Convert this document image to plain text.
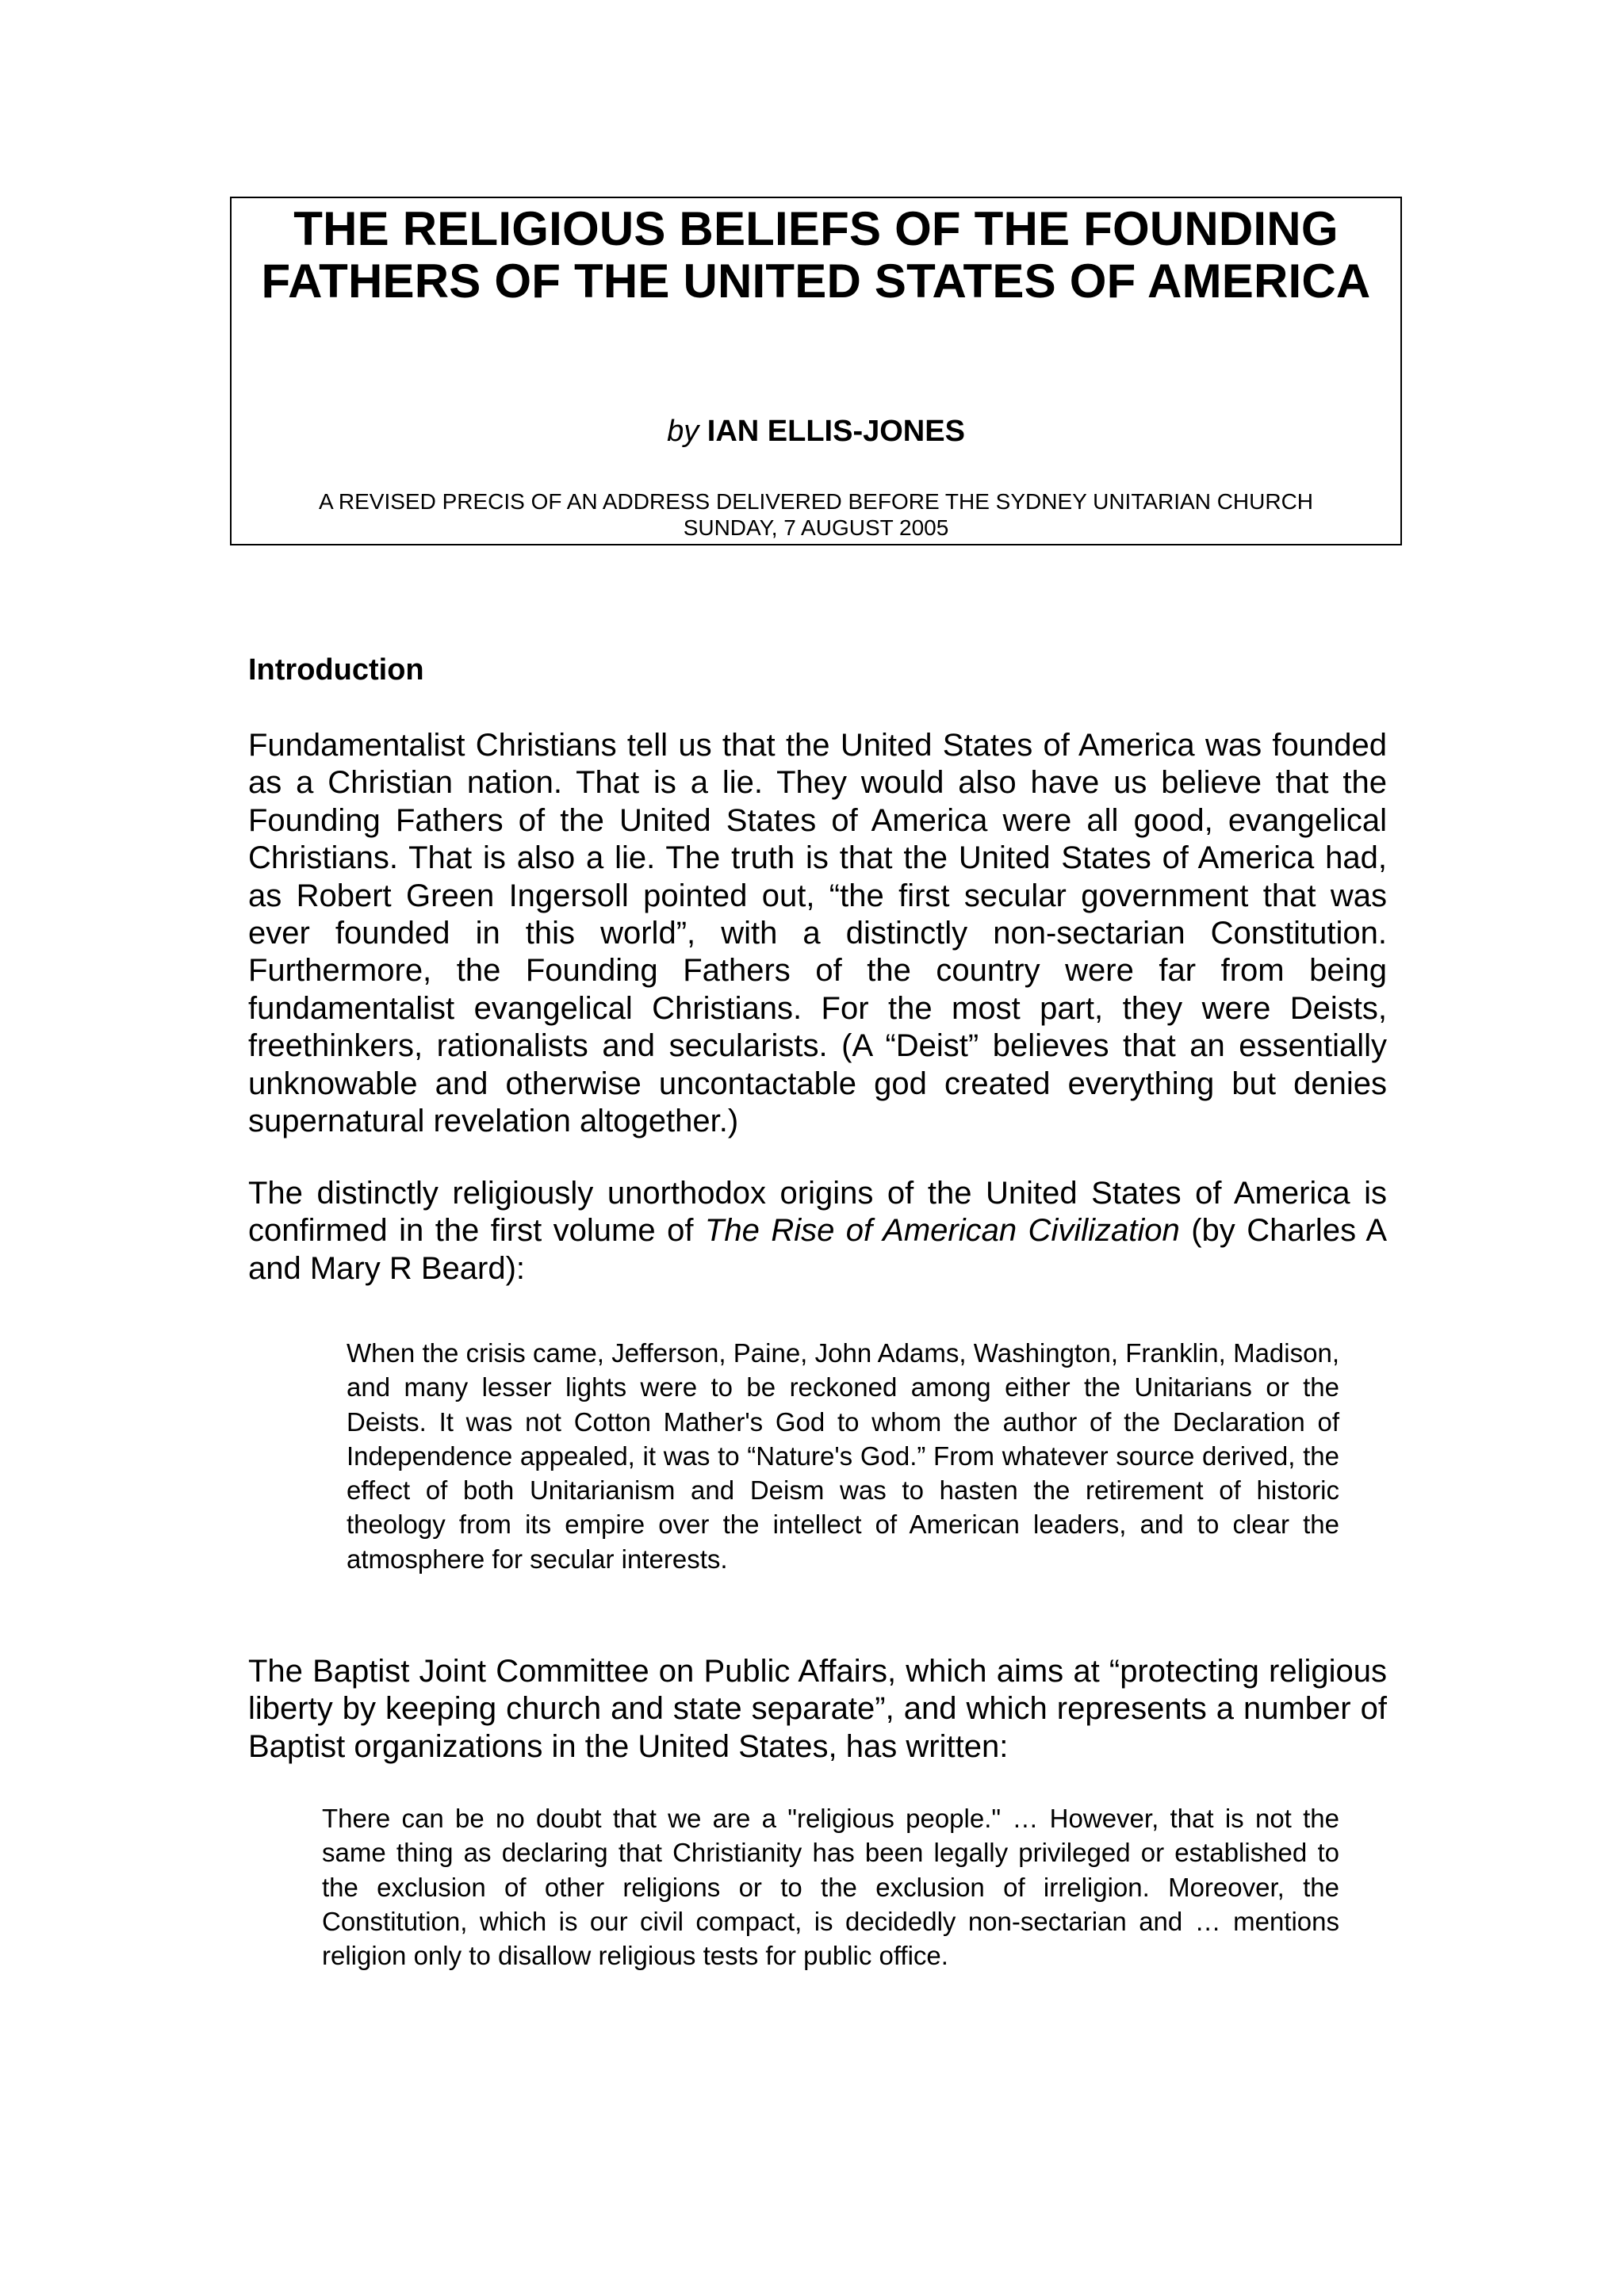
THE RELIGIOUS BELIEFS OF THE FOUNDING FATHERS OF THE UNITED STATES OF AMERICA

by IAN ELLIS-JONES

A REVISED PRECIS OF AN ADDRESS DELIVERED BEFORE THE SYDNEY UNITARIAN CHURCH
SUNDAY, 7 AUGUST 2005

Introduction

Fundamentalist Christians tell us that the United States of America was founded as a Christian nation. That is a lie. They would also have us believe that the Founding Fathers of the United States of America were all good, evangelical Christians. That is also a lie. The truth is that the United States of America had, as Robert Green Ingersoll pointed out, “the first secular government that was ever founded in this world”, with a distinctly non-sectarian Constitution. Furthermore, the Founding Fathers of the country were far from being fundamentalist evangelical Christians. For the most part, they were Deists, freethinkers, rationalists and secularists. (A “Deist” believes that an essentially unknowable and otherwise uncontactable god created everything but denies supernatural revelation altogether.)

The distinctly religiously unorthodox origins of the United States of America is confirmed in the first volume of The Rise of American Civilization (by Charles A and Mary R Beard):

When the crisis came, Jefferson, Paine, John Adams, Washington, Franklin, Madison, and many lesser lights were to be reckoned among either the Unitarians or the Deists. It was not Cotton Mather's God to whom the author of the Declaration of Independence appealed, it was to “Nature's God.” From whatever source derived, the effect of both Unitarianism and Deism was to hasten the retirement of historic theology from its empire over the intellect of American leaders, and to clear the atmosphere for secular interests.

The Baptist Joint Committee on Public Affairs, which aims at “protecting religious liberty by keeping church and state separate”, and which represents a number of Baptist organizations in the United States, has written:

There can be no doubt that we are a "religious people." … However, that is not the same thing as declaring that Christianity has been legally privileged or established to the exclusion of other religions or to the exclusion of irreligion. Moreover, the Constitution, which is our civil compact, is decidedly non-sectarian and … mentions religion only to disallow religious tests for public office.
